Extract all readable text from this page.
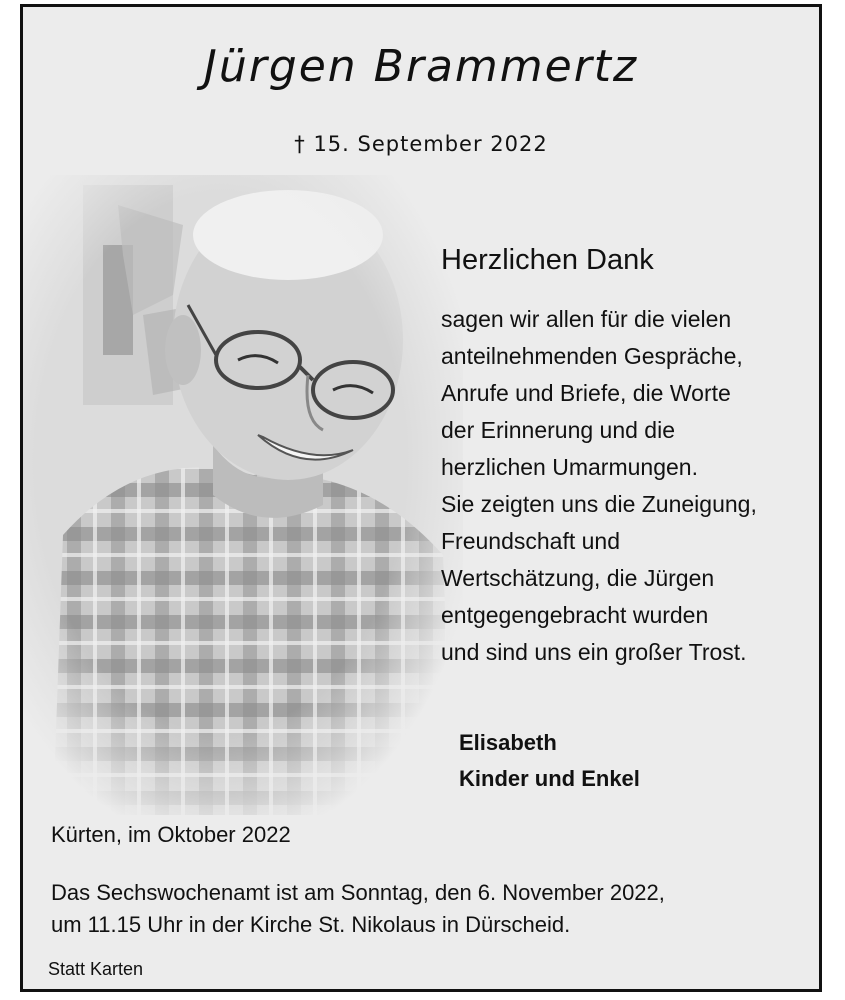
Jürgen Brammertz
† 15. September 2022
Herzlichen Dank
sagen wir allen für die vielen
anteilnehmenden Gespräche,
Anrufe und Briefe, die Worte
der Erinnerung und die
herzlichen Umarmungen.
Sie zeigten uns die Zuneigung,
Freundschaft und
Wertschätzung, die Jürgen
entgegengebracht wurden
und sind uns ein großer Trost.
Elisabeth
Kinder und Enkel
Kürten, im Oktober 2022
Das Sechswochenamt ist am Sonntag, den 6. November 2022,
um 11.15 Uhr in der Kirche St. Nikolaus in Dürscheid.
Statt Karten
